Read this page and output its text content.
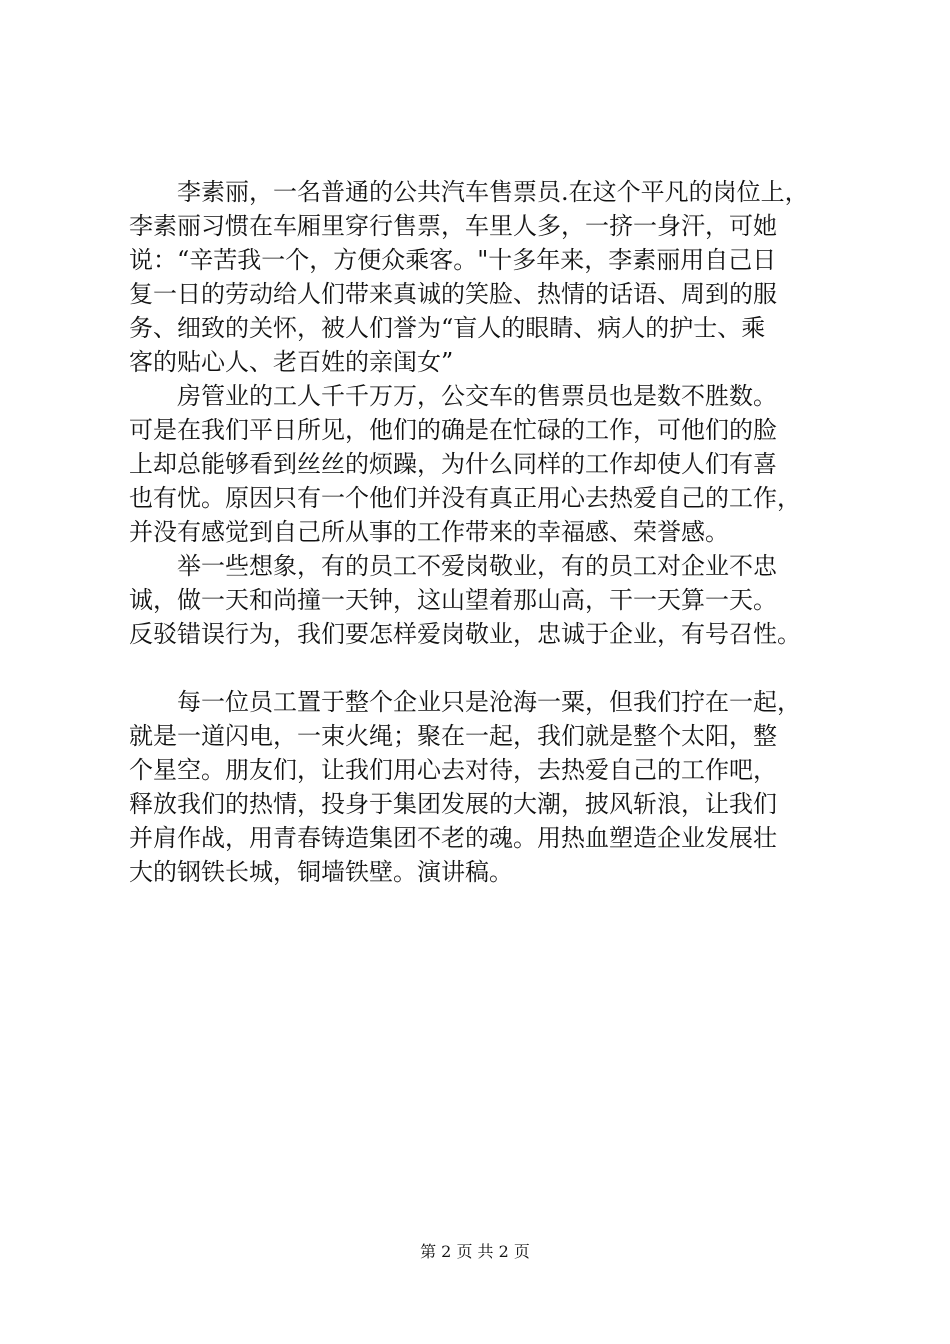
李素丽，一名普通的公共汽车售票员.在这个平凡的岗位上，
李素丽习惯在车厢里穿行售票，车里人多，一挤一身汗，可她
说：“辛苦我一个，方便众乘客。"十多年来，李素丽用自己日
复一日的劳动给人们带来真诚的笑脸、热情的话语、周到的服
务、细致的关怀，被人们誉为“盲人的眼睛、病人的护士、乘
客的贴心人、老百姓的亲闺女”
房管业的工人千千万万，公交车的售票员也是数不胜数。
可是在我们平日所见，他们的确是在忙碌的工作，可他们的脸
上却总能够看到丝丝的烦躁，为什么同样的工作却使人们有喜
也有忧。原因只有一个他们并没有真正用心去热爱自己的工作，
并没有感觉到自己所从事的工作带来的幸福感、荣誉感。
举一些想象，有的员工不爱岗敬业，有的员工对企业不忠
诚，做一天和尚撞一天钟，这山望着那山高，干一天算一天。
反驳错误行为，我们要怎样爱岗敬业，忠诚于企业，有号召性。
每一位员工置于整个企业只是沧海一粟，但我们拧在一起，
就是一道闪电，一束火绳；聚在一起，我们就是整个太阳，整
个星空。朋友们，让我们用心去对待，去热爱自己的工作吧，
释放我们的热情，投身于集团发展的大潮，披风斩浪，让我们
并肩作战，用青春铸造集团不老的魂。用热血塑造企业发展壮
大的钢铁长城，铜墙铁壁。演讲稿。
第 2 页 共 2 页
